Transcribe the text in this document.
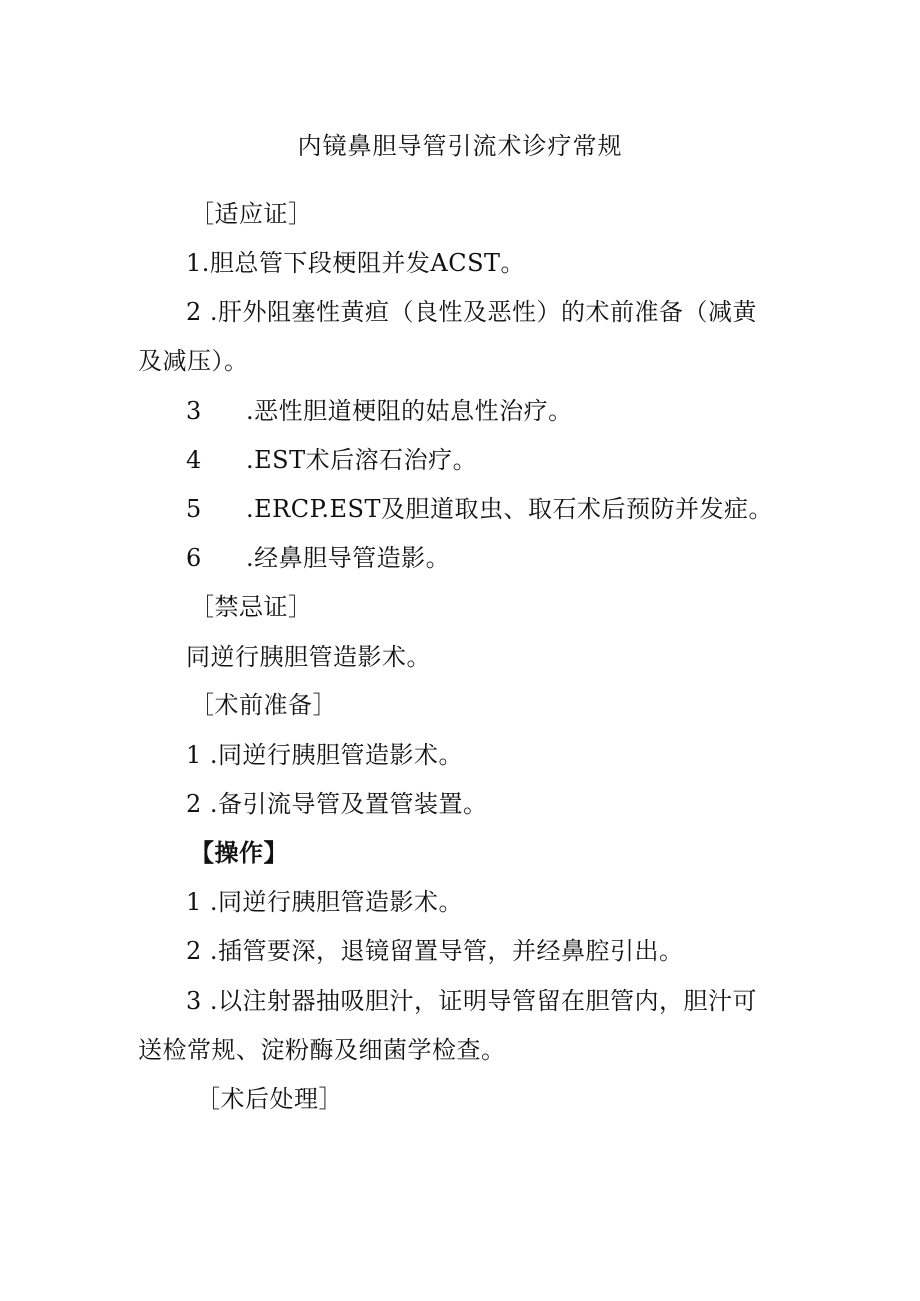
内镜鼻胆导管引流术诊疗常规
［适应证］
1.胆总管下段梗阻并发ACST。
2 .肝外阻塞性黄疸（良性及恶性）的术前准备（减黄
及减压）。
3 .恶性胆道梗阻的姑息性治疗。
4 .EST术后溶石治疗。
5 .ERCP.EST及胆道取虫、取石术后预防并发症。
6 .经鼻胆导管造影。
［禁忌证］
同逆行胰胆管造影术。
［术前准备］
1 .同逆行胰胆管造影术。
2 .备引流导管及置管装置。
【操作】
1 .同逆行胰胆管造影术。
2 .插管要深，退镜留置导管，并经鼻腔引出。
3 .以注射器抽吸胆汁，证明导管留在胆管内，胆汁可
送检常规、淀粉酶及细菌学检查。
［术后处理］
